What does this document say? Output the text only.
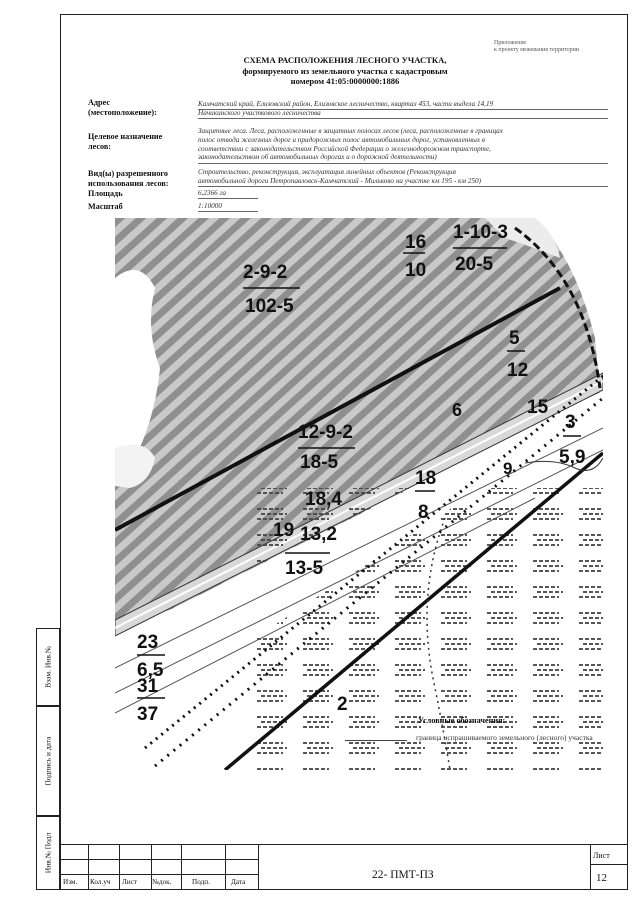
Приложение
к проекту межевания территории
СХЕМА РАСПОЛОЖЕНИЯ ЛЕСНОГО УЧАСТКА,
формируемого из земельного участка с кадастровым
номером 41:05:0000000:1886
Адрес
(местоположение):
Камчатский край, Елизовский район, Елизовское лесничество, квартал 453, части выдела 14,19
Начикинского участкового лесничества
Целевое назначение
лесов:
Защитные леса. Леса, расположенные в защитных полосах лесов (леса, расположенные в границах
полос отвода железных дорог и придорожных полос автомобильных дорог, установленных в
соответствии с законодательством Российской Федерации о железнодорожном транспорте,
законодательством об автомобильных дорогах и о дорожной деятельности)
Вид(ы) разрешенного
использования лесов:
Строительство, реконструкция, эксплуатация линейных объектов (Реконструкция
автомобильной дороги Петропавловск-Камчатский - Мильково на участке км 195 - км 250)
Площадь	6,2366 га
Масштаб	1:10000
2-9-2
102-5
16
10
1-10-3
20-5
5
12
6	15
3
5,9
9
12-9-2
18-5
18
8
18,4
19 13,2
13-5
23
6,5
31
37	2
Условные обозначения:
граница испрашиваемого земельного (лесного) участка
Взам. Инв.№
Подпись и дата
Инв.№ Подл
Изм. Кол.уч Лист №док.	Подп.	Дата
22- ПМТ-ПЗ
Лист
12
